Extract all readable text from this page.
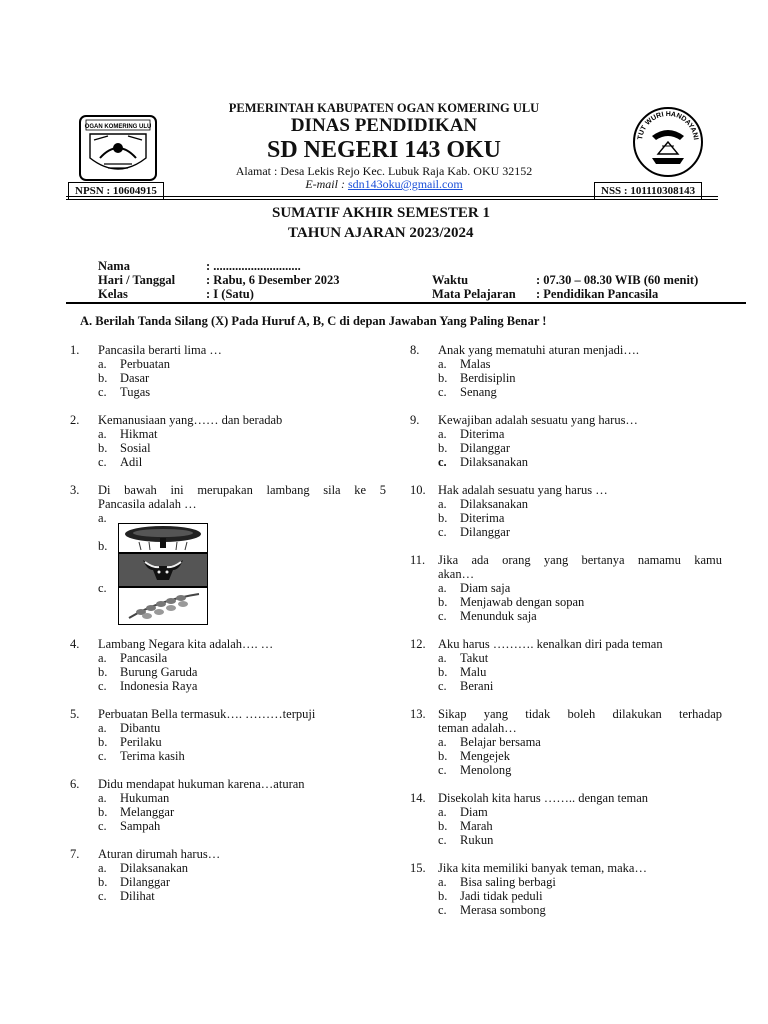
OGAN KOMERING ULU
TUT WURI HANDAYANI
NPSN : 10604915	NSS : 101110308143
PEMERINTAH KABUPATEN OGAN KOMERING ULU
DINAS PENDIDIKAN
SD NEGERI 143 OKU
Alamat : Desa Lekis Rejo Kec. Lubuk Raja Kab. OKU 32152
E-mail : sdn143oku@gmail.com
SUMATIF AKHIR SEMESTER 1
TAHUN AJARAN 2023/2024
Nama	: ............................
Hari / Tanggal : Rabu, 6 Desember 2023
Kelas	: I (Satu)
Waktu	: 07.30 – 08.30 WIB (60 menit)
Mata Pelajaran : Pendidikan Pancasila
A. Berilah Tanda Silang (X) Pada Huruf A, B, C di depan Jawaban Yang Paling Benar !
1. Pancasila berarti lima …
a. Perbuatan
b. Dasar
c. Tugas
2. Kemanusiaan yang…… dan beradab
a. Hikmat
b. Sosial
c. Adil
3. Di bawah ini merupakan lambang sila ke 5
Pancasila adalah …
a.
b.
c.
4. Lambang Negara kita adalah…. …
a. Pancasila
b. Burung Garuda
c. Indonesia Raya
5. Perbuatan Bella termasuk…. ………terpuji
a. Dibantu
b. Perilaku
c. Terima kasih
6. Didu mendapat hukuman karena…aturan
a. Hukuman
b. Melanggar
c. Sampah
7. Aturan dirumah harus…
a. Dilaksanakan
b. Dilanggar
c. Dilihat
8. Anak yang mematuhi aturan menjadi….
a. Malas
b. Berdisiplin
c. Senang
9. Kewajiban adalah sesuatu yang harus…
a. Diterima
b. Dilanggar
c. Dilaksanakan
10. Hak adalah sesuatu yang harus …
a. Dilaksanakan
b. Diterima
c. Dilanggar
11. Jika ada orang yang bertanya namamu kamu
akan…
a. Diam saja
b. Menjawab dengan sopan
c. Menunduk saja
12. Aku harus ………. kenalkan diri pada teman
a. Takut
b. Malu
c. Berani
13. Sikap yang tidak boleh dilakukan terhadap
teman adalah…
a. Belajar bersama
b. Mengejek
c. Menolong
14. Disekolah kita harus …….. dengan teman
a. Diam
b. Marah
c. Rukun
15. Jika kita memiliki banyak teman, maka…
a. Bisa saling berbagi
b. Jadi tidak peduli
c. Merasa sombong
